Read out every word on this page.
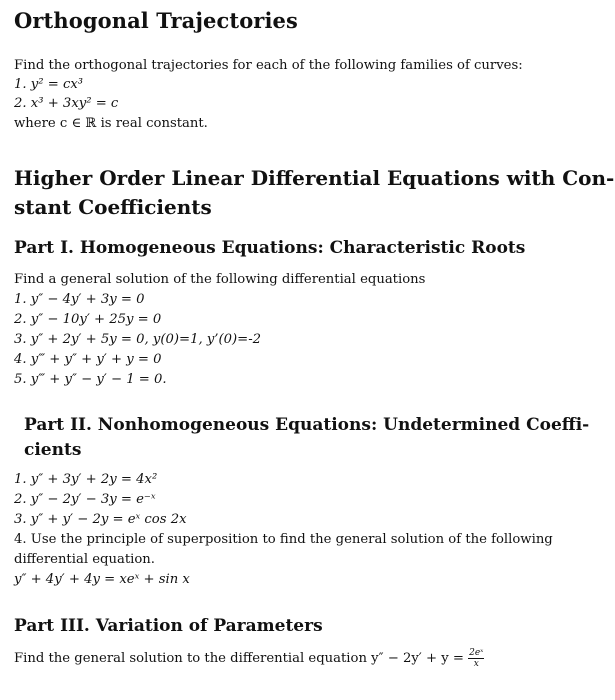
Orthogonal Trajectories
Find the orthogonal trajectories for each of the following families of curves:
1. y² = cx³
2. x³ + 3xy² = c
where c ∈ ℝ is real constant.
Higher Order Linear Differential Equations with Con-
stant Coefficients
Part I. Homogeneous Equations: Characteristic Roots
Find a general solution of the following differential equations
1. y″ − 4y′ + 3y = 0
2. y″ − 10y′ + 25y = 0
3. y″ + 2y′ + 5y = 0, y(0)=1, y’(0)=-2
4. y‴ + y″ + y′ + y = 0
5. y‴ + y″ − y′ − 1 = 0.
Part II. Nonhomogeneous Equations: Undetermined Coeffi-
cients
1. y″ + 3y′ + 2y = 4x²
2. y″ − 2y′ − 3y = e⁻ˣ
3. y″ + y′ − 2y = eˣ cos 2x
4. Use the principle of superposition to find the general solution of the following
differential equation.
y″ + 4y′ + 4y = xeˣ + sin x
Part III. Variation of Parameters
Find the general solution to the differential equation $y'' - 2y' + y = \frac{\text{2eˣ}}{x}$
